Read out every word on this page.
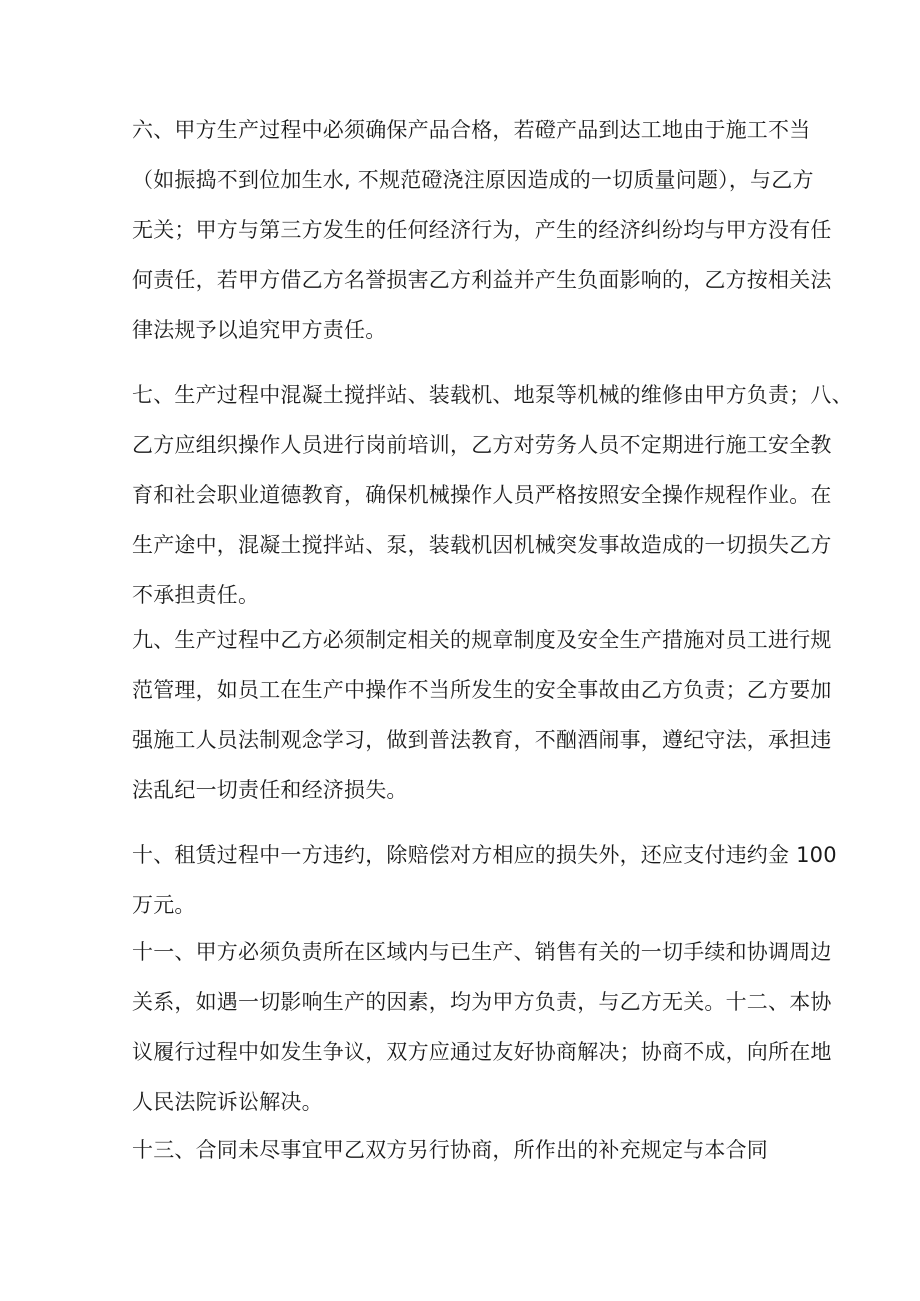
六、甲方生产过程中必须确保产品合格，若磴产品到达工地由于施工不当
（如振捣不到位加生水, 不规范磴浇注原因造成的一切质量问题），与乙方
无关；甲方与第三方发生的任何经济行为，产生的经济纠纷均与甲方没有任
何责任，若甲方借乙方名誉损害乙方利益并产生负面影响的，乙方按相关法
律法规予以追究甲方责任。
七、生产过程中混凝土搅拌站、装载机、地泵等机械的维修由甲方负责；八、
乙方应组织操作人员进行岗前培训，乙方对劳务人员不定期进行施工安全教
育和社会职业道德教育，确保机械操作人员严格按照安全操作规程作业。在
生产途中，混凝土搅拌站、泵，装载机因机械突发事故造成的一切损失乙方
不承担责任。
九、生产过程中乙方必须制定相关的规章制度及安全生产措施对员工进行规
范管理，如员工在生产中操作不当所发生的安全事故由乙方负责；乙方要加
强施工人员法制观念学习，做到普法教育，不酗酒闹事，遵纪守法，承担违
法乱纪一切责任和经济损失。
十、租赁过程中一方违约，除赔偿对方相应的损失外，还应支付违约金 100
万元。
十一、甲方必须负责所在区域内与已生产、销售有关的一切手续和协调周边
关系，如遇一切影响生产的因素，均为甲方负责，与乙方无关。十二、本协
议履行过程中如发生争议，双方应通过友好协商解决；协商不成，向所在地
人民法院诉讼解决。
十三、合同未尽事宜甲乙双方另行协商，所作出的补充规定与本合同
